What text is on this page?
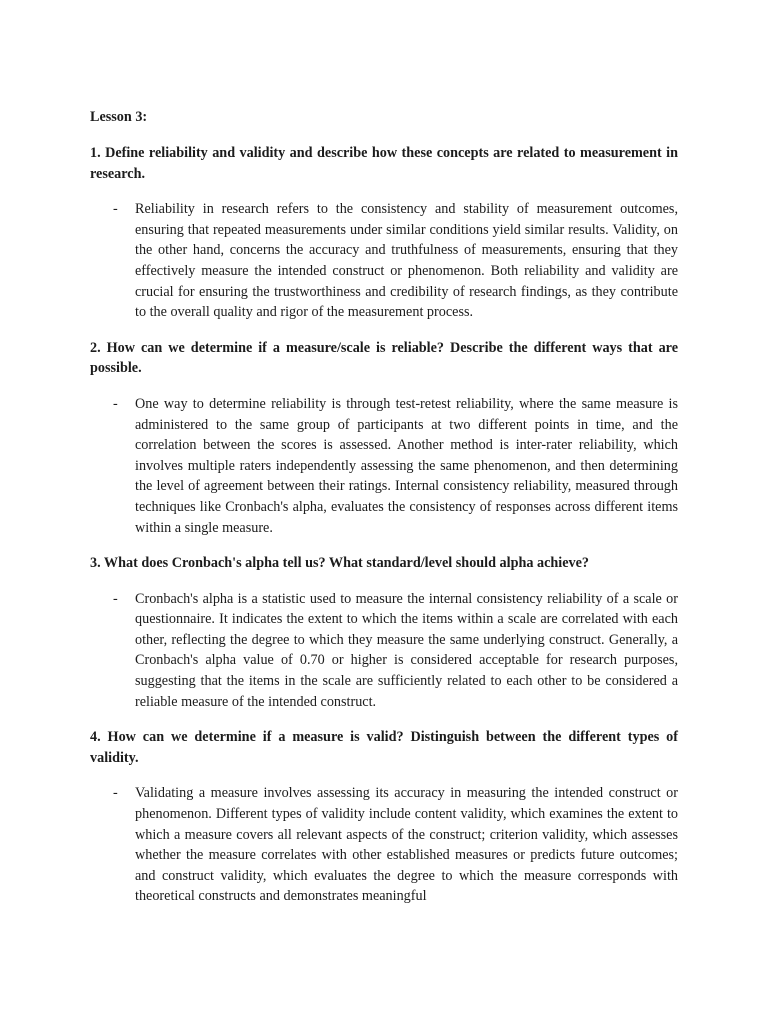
Lesson 3:
1. Define reliability and validity and describe how these concepts are related to measurement in research.
- Reliability in research refers to the consistency and stability of measurement outcomes, ensuring that repeated measurements under similar conditions yield similar results. Validity, on the other hand, concerns the accuracy and truthfulness of measurements, ensuring that they effectively measure the intended construct or phenomenon. Both reliability and validity are crucial for ensuring the trustworthiness and credibility of research findings, as they contribute to the overall quality and rigor of the measurement process.
2. How can we determine if a measure/scale is reliable? Describe the different ways that are possible.
- One way to determine reliability is through test-retest reliability, where the same measure is administered to the same group of participants at two different points in time, and the correlation between the scores is assessed. Another method is inter-rater reliability, which involves multiple raters independently assessing the same phenomenon, and then determining the level of agreement between their ratings. Internal consistency reliability, measured through techniques like Cronbach's alpha, evaluates the consistency of responses across different items within a single measure.
3. What does Cronbach's alpha tell us? What standard/level should alpha achieve?
- Cronbach's alpha is a statistic used to measure the internal consistency reliability of a scale or questionnaire. It indicates the extent to which the items within a scale are correlated with each other, reflecting the degree to which they measure the same underlying construct. Generally, a Cronbach's alpha value of 0.70 or higher is considered acceptable for research purposes, suggesting that the items in the scale are sufficiently related to each other to be considered a reliable measure of the intended construct.
4. How can we determine if a measure is valid? Distinguish between the different types of validity.
- Validating a measure involves assessing its accuracy in measuring the intended construct or phenomenon. Different types of validity include content validity, which examines the extent to which a measure covers all relevant aspects of the construct; criterion validity, which assesses whether the measure correlates with other established measures or predicts future outcomes; and construct validity, which evaluates the degree to which the measure corresponds with theoretical constructs and demonstrates meaningful
